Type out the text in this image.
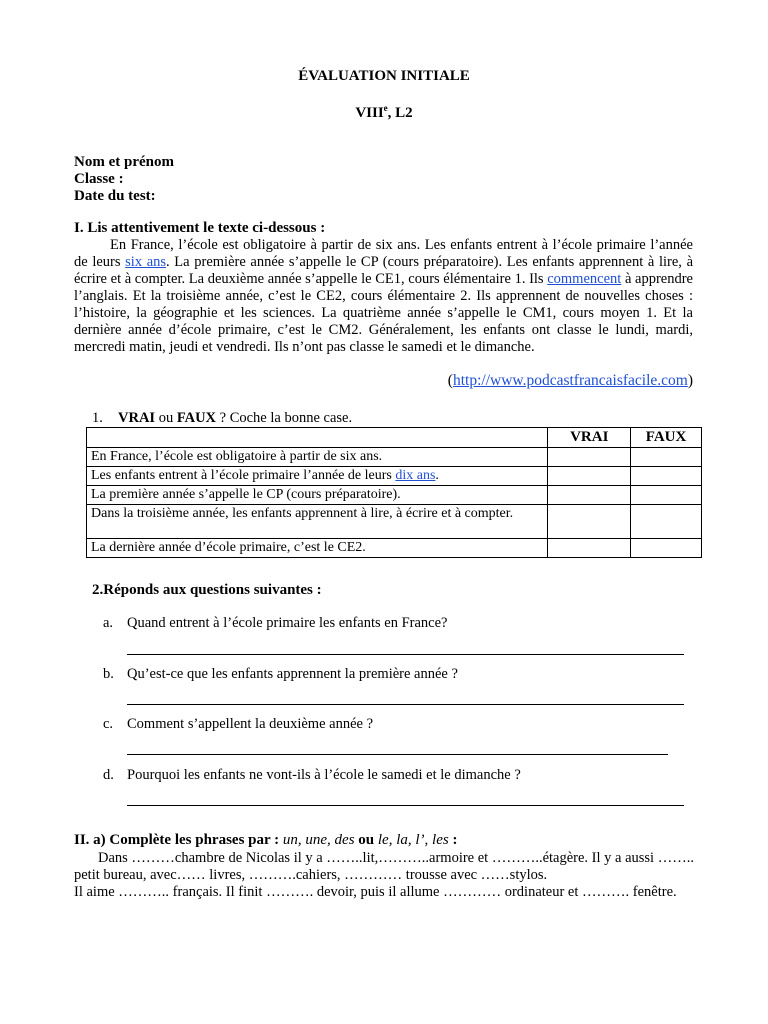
ÉVALUATION INITIALE
VIIIe, L2
Nom et prénom
Classe :
Date du test:
I. Lis attentivement le texte ci-dessous :
En France, l’école est obligatoire à partir de six ans. Les enfants entrent à l’école primaire l’année de leurs six ans. La première année s’appelle le CP (cours préparatoire). Les enfants apprennent à lire, à écrire et à compter. La deuxième année s’appelle le CE1, cours élémentaire 1. Ils commencent à apprendre l’anglais. Et la troisième année, c’est le CE2, cours élémentaire 2. Ils apprennent de nouvelles choses : l’histoire, la géographie et les sciences. La quatrième année s’appelle le CM1, cours moyen 1. Et la dernière année d’école primaire, c’est le CM2. Généralement, les enfants ont classe le lundi, mardi, mercredi matin, jeudi et vendredi. Ils n’ont pas classe le samedi et le dimanche.
(http://www.podcastfrancaisfacile.com)
1. VRAI ou FAUX ? Coche la bonne case.
	VRAI	FAUX
En France, l’école est obligatoire à partir de six ans.		
Les enfants entrent à l’école primaire l’année de leurs dix ans.		
La première année s’appelle le CP (cours préparatoire).		
Dans la troisième année, les enfants apprennent à lire, à écrire et à compter.		
La dernière année d’école primaire, c’est le CE2.		
2.Réponds aux questions suivantes :
a. Quand entrent à l’école primaire les enfants en France?
b. Qu’est-ce que les enfants apprennent la première année ?
c. Comment s’appellent la deuxième année ?
d. Pourquoi les enfants ne vont-ils à l’école le samedi et le dimanche ?
II. a) Complète les phrases par : un, une, des ou le, la, l’, les :
Dans ………chambre de Nicolas il y a ……..lit,………..armoire et ………..étagère. Il y a aussi …….. petit bureau, avec…… livres, ……….cahiers, ………… trousse avec ……stylos.
Il aime ……….. français. Il finit ………. devoir, puis il allume ………… ordinateur et ………. fenêtre.
